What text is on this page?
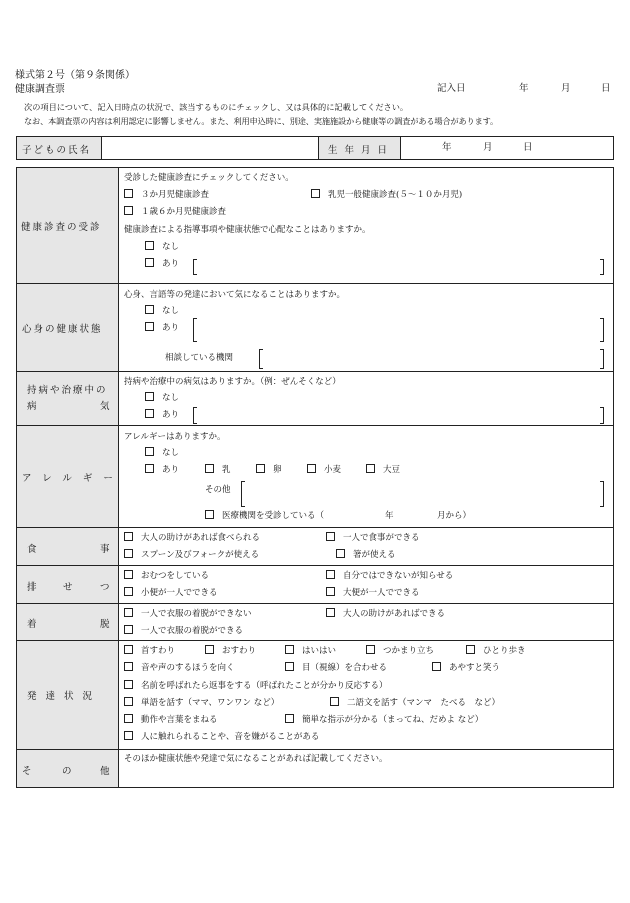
様式第２号（第９条関係）
健康調査票	記入日	年	月	日
次の項目について、記入日時点の状況で、該当するものにチェックし、又は具体的に記載してください。
なお、本調査票の内容は利用認定に影響しません。また、利用申込時に、別途、実施施設から健康等の調査がある場合があります。
子どもの氏名	生 年 月 日	年	月	日
健康診査の受診
受診した健康診査にチェックしてください。
３か月児健康診査	乳児一般健康診査(５～１０か月児)
１歳６か月児健康診査
健康診査による指導事項や健康状態で心配なことはありますか。
なし
あり
心身の健康状態
心身、言語等の発達において気になることはありますか。
なし
あり
相談している機関
持病や治療中の
病	気
持病や治療中の病気はありますか。（例：ぜんそくなど）
なし
あり
アレルギー
アレルギーはありますか。
なし
あり	乳	卵	小麦	大豆
その他
医療機関を受診している（	年	月から）
食	事
大人の助けがあれば食べられる	一人で食事ができる
スプーン及びフォークが使える	箸が使える
排	せ	つ
おむつをしている	自分ではできないが知らせる
小便が一人でできる	大便が一人でできる
着	脱
一人で衣服の着脱ができない	大人の助けがあればできる
一人で衣服の着脱ができる
発達状況
首すわり	おすわり	はいはい	つかまり立ち	ひとり歩き
音や声のするほうを向く	目（視線）を合わせる	あやすと笑う
名前を呼ばれたら返事をする（呼ばれたことが分かり反応する）
単語を話す（ママ、ワンワン など）	二語文を話す（マンマ　たべる　など）
動作や言葉をまねる	簡単な指示が分かる（まってね、だめよ など）
人に触れられることや、音を嫌がることがある
そ	の	他
そのほか健康状態や発達で気になることがあれば記載してください。
